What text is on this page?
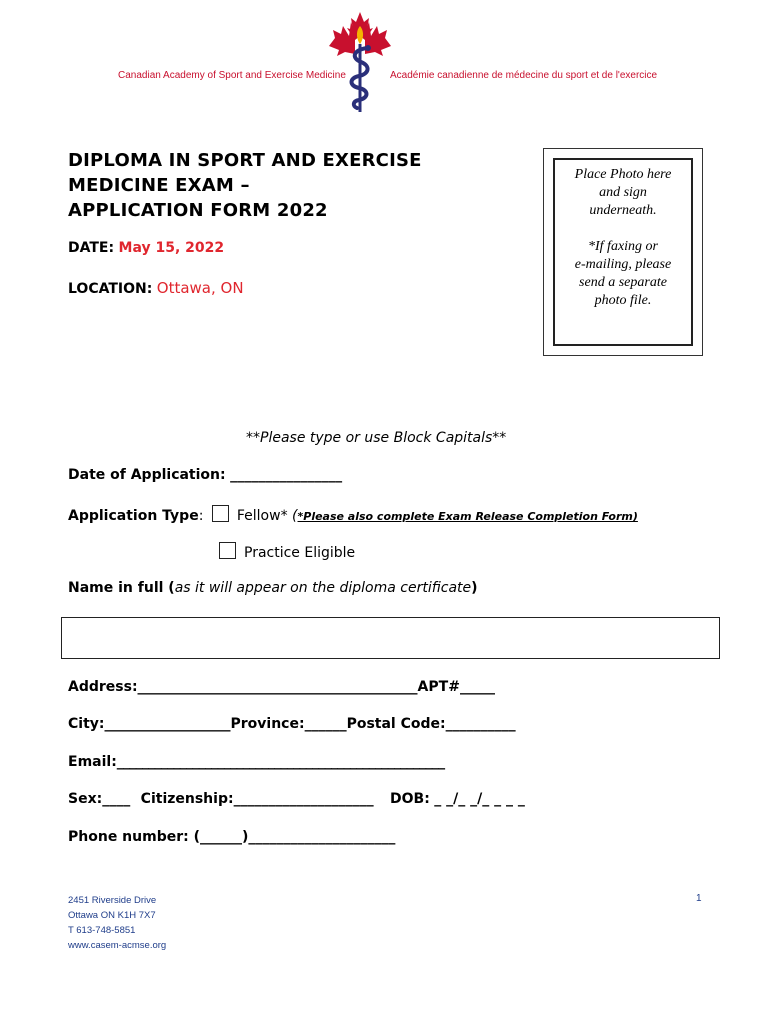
Canadian Academy of Sport and Exercise Medicine	Académie canadienne de médecine du sport et de l'exercice
DIPLOMA IN SPORT AND EXERCISE
MEDICINE EXAM –
APPLICATION FORM 2022
DATE: May 15, 2022
LOCATION: Ottawa, ON
Place Photo here
and sign

underneath.

*If faxing or
e-mailing, please
send a separate
photo file.
**Please type or use Block Capitals**
Date of Application: ________________
Application Type: Fellow* (*Please also complete Exam Release Completion Form)
Practice Eligible
Name in full (as it will appear on the diploma certificate)
Address:________________________________________APT#_____
City:__________________Province:______Postal Code:__________
Email:____________________________________________________
Sex:____ Citizenship:____________________ DOB: _ _/_ _/_ _ _ _
Phone number: (______)_____________________
2451 Riverside Drive
Ottawa ON K1H 7X7
T 613-748-5851
www.casem-acmse.org
1
